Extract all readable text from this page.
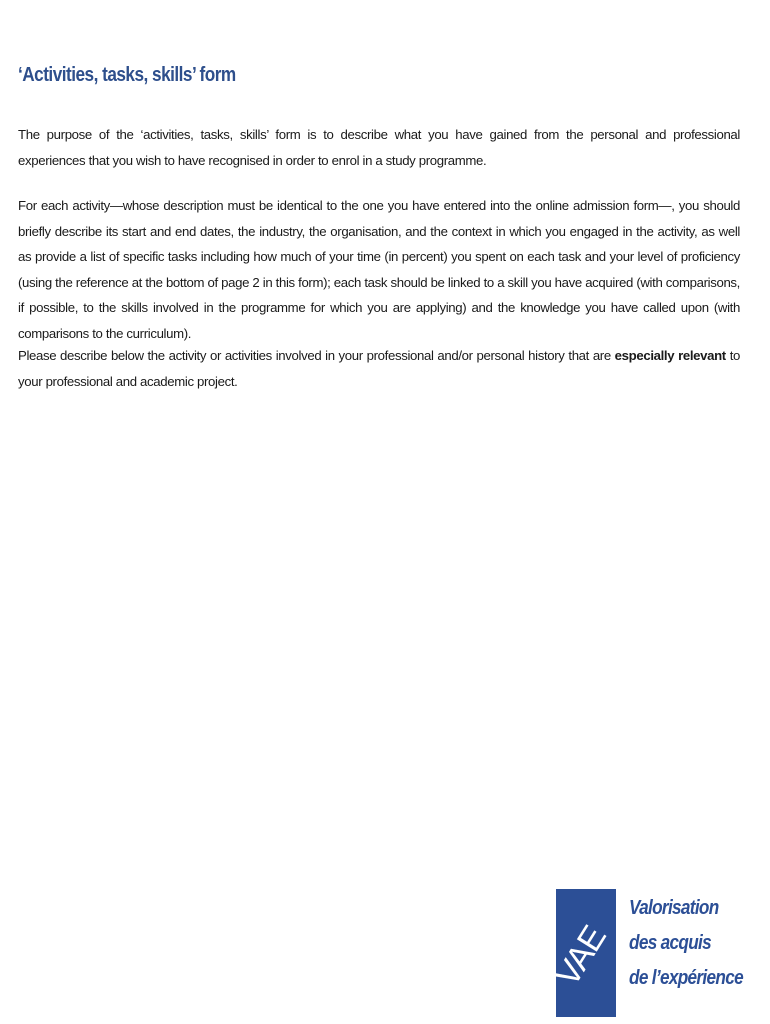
‘Activities, tasks, skills’ form
The purpose of the ‘activities, tasks, skills’ form is to describe what you have gained from the personal and professional experiences that you wish to have recognised in order to enrol in a study programme.
For each activity—whose description must be identical to the one you have entered into the online admission form—, you should briefly describe its start and end dates, the industry, the organisation, and the context in which you engaged in the activity, as well as provide a list of specific tasks including how much of your time (in percent) you spent on each task and your level of proficiency (using the reference at the bottom of page 2 in this form); each task should be linked to a skill you have acquired (with comparisons, if possible, to the skills involved in the programme for which you are applying) and the knowledge you have called upon (with comparisons to the curriculum).
Please describe below the activity or activities involved in your professional and/or personal history that are especially relevant to your professional and academic project.
VAE
Valorisation
des acquis
de l’expérience
